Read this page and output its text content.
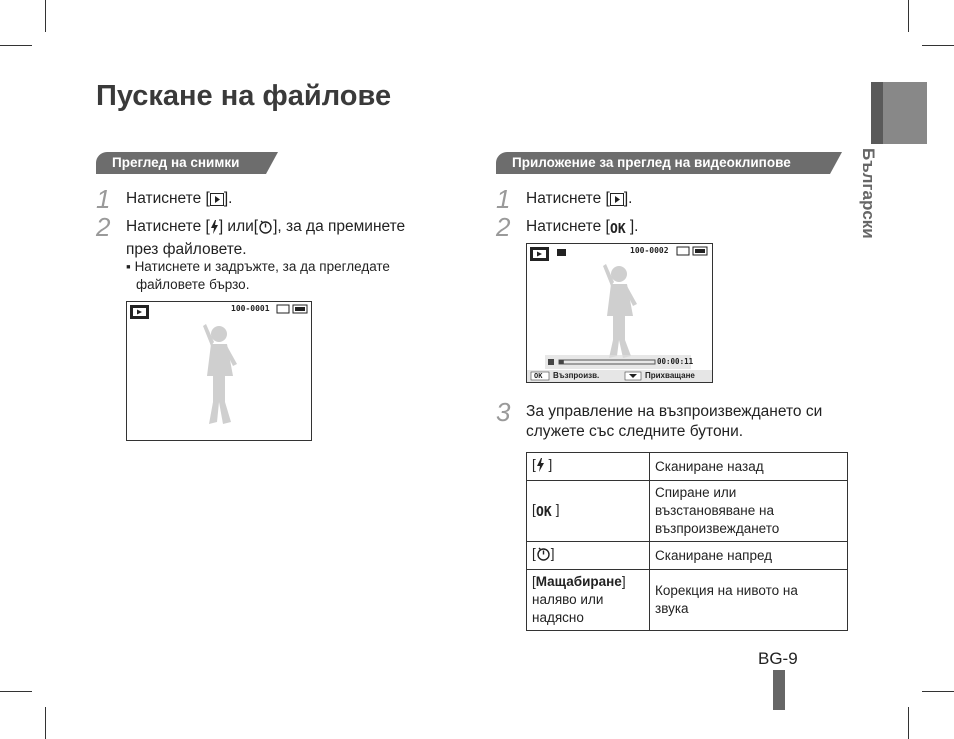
Български
Пускане на файлове
Преглед на снимки
1 Натиснете [ ].
2 Натиснете [ ] или[ ], за да преминете
през файловете.
▪ Натиснете и задръжте, за да прегледате
файловете бързо.
100-0001
Приложение за преглед на видеоклипове
1 Натиснете [ ].
2 Натиснете [ OK ].
100-0002
00:00:11
OK Възпроизв.	Прихващане
3 За управление на възпроизвеждането си
служете със следните бутони.
[ ]	Сканиране назад
[ OK ]	Спиране или
възстановяване на
възпроизвеждането
[ ]	Сканиране напред
[Мащабиране]
наляво или
надясно	Корекция на нивото на
звука
BG-9
